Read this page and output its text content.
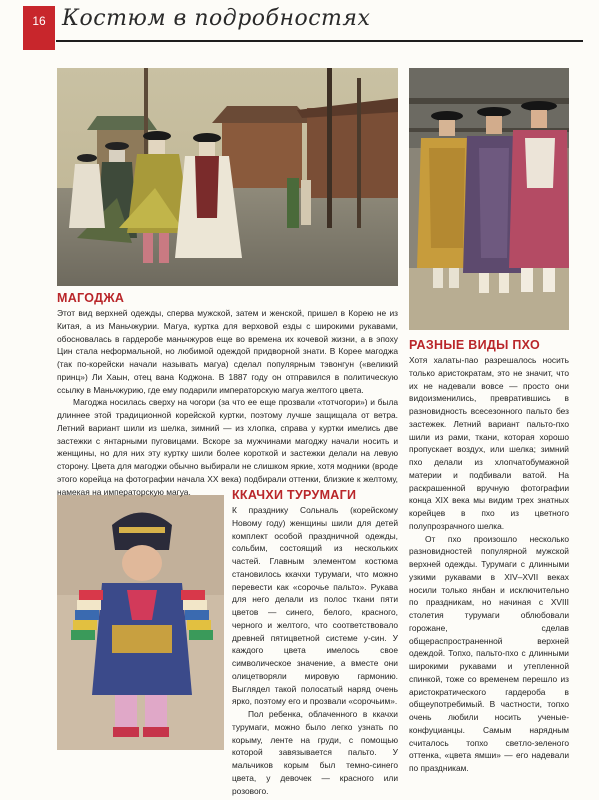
16 Костюм в подробностях
МАГОДЖА

Этот вид верхней одежды, сперва мужской, затем и женской, пришел в Корею не из Китая, а из Маньчжурии. Магуа, куртка для верховой езды с широкими рукавами, обосновалась в гардеробе маньчжуров еще во времена их кочевой жизни, а в эпоху Цин стала неформальной, но любимой одеждой придворной знати. В Корее магоджа (так по-корейски начали называть магуа) сделал популярным тэвонгун («великий принц») Ли Хаын, отец вана Коджона. В 1887 году он отправился в политическую ссылку в Маньчжурию, где ему подарили императорскую магуа желтого цвета.

Магоджа носилась сверху на чогори (за что ее еще прозвали «тотчогори») и была длиннее этой традиционной корейской куртки, поэтому лучше защищала от ветра. Летний вариант шили из шелка, зимний — из хлопка, справа у куртки имелись две застежки с янтарными пуговицами. Вскоре за мужчинами магоджу начали носить и женщины, но для них эту куртку шили более короткой и застежки делали на левую сторону. Цвета для магоджи обычно выбирали не слишком яркие, хотя модники (вроде этого корейца на фотографии начала XX века) подбирали оттенки, близкие к желтому, намекая на императорскую магуа.

РАЗНЫЕ ВИДЫ ПХО

Хотя халаты-пао разрешалось носить только аристократам, это не значит, что их не надевали вовсе — просто они видоизменились, превратившись в разновидность всесезонного пальто без застежек. Летний вариант пальто-пхо шили из рами, ткани, которая хорошо пропускает воздух, или шелка; зимний пхо делали из хлопчатобумажной материи и подбивали ватой. На раскрашенной вручную фотографии конца XIX века мы видим трех знатных корейцев в пхо из цветного полупрозрачного шелка.

От пхо произошло несколько разновидностей популярной мужской верхней одежды. Турумаги с длинными узкими рукавами в XIV–XVII веках носили только янбан и исключительно по праздникам, но начиная с XVIII столетия турумаги облюбовали горожане, сделав общераспространенной верхней одеждой. Топхо, пальто-пхо с длинными широкими рукавами и утепленной спинкой, тоже со временем перешло из аристократического гардероба в общеупотребимый. В частности, топхо очень любили носить ученые-конфуцианцы. Самым нарядным считалось топхо светло-зеленого оттенка, «цвета ямши» — его надевали по праздникам.

ККАЧХИ ТУРУМАГИ

К празднику Сольналь (корейскому Новому году) женщины шили для детей комплект особой праздничной одежды, сольбим, состоящий из нескольких частей. Главным элементом костюма становилось ккачхи турумаги, что можно перевести как «сорочье пальто». Рукава для него делали из полос ткани пяти цветов — синего, белого, красного, черного и желтого, что соответствовало древней пятицветной системе у-син. У каждого цвета имелось свое символическое значение, а вместе они олицетворяли мировую гармонию. Выглядел такой полосатый наряд очень ярко, поэтому его и прозвали «сорочьим».

Пол ребенка, облаченного в ккачхи турумаги, можно было легко узнать по корыму, ленте на груди, с помощью которой завязывается пальто. У мальчиков корым был темно-синего цвета, у девочек — красного или розового.
